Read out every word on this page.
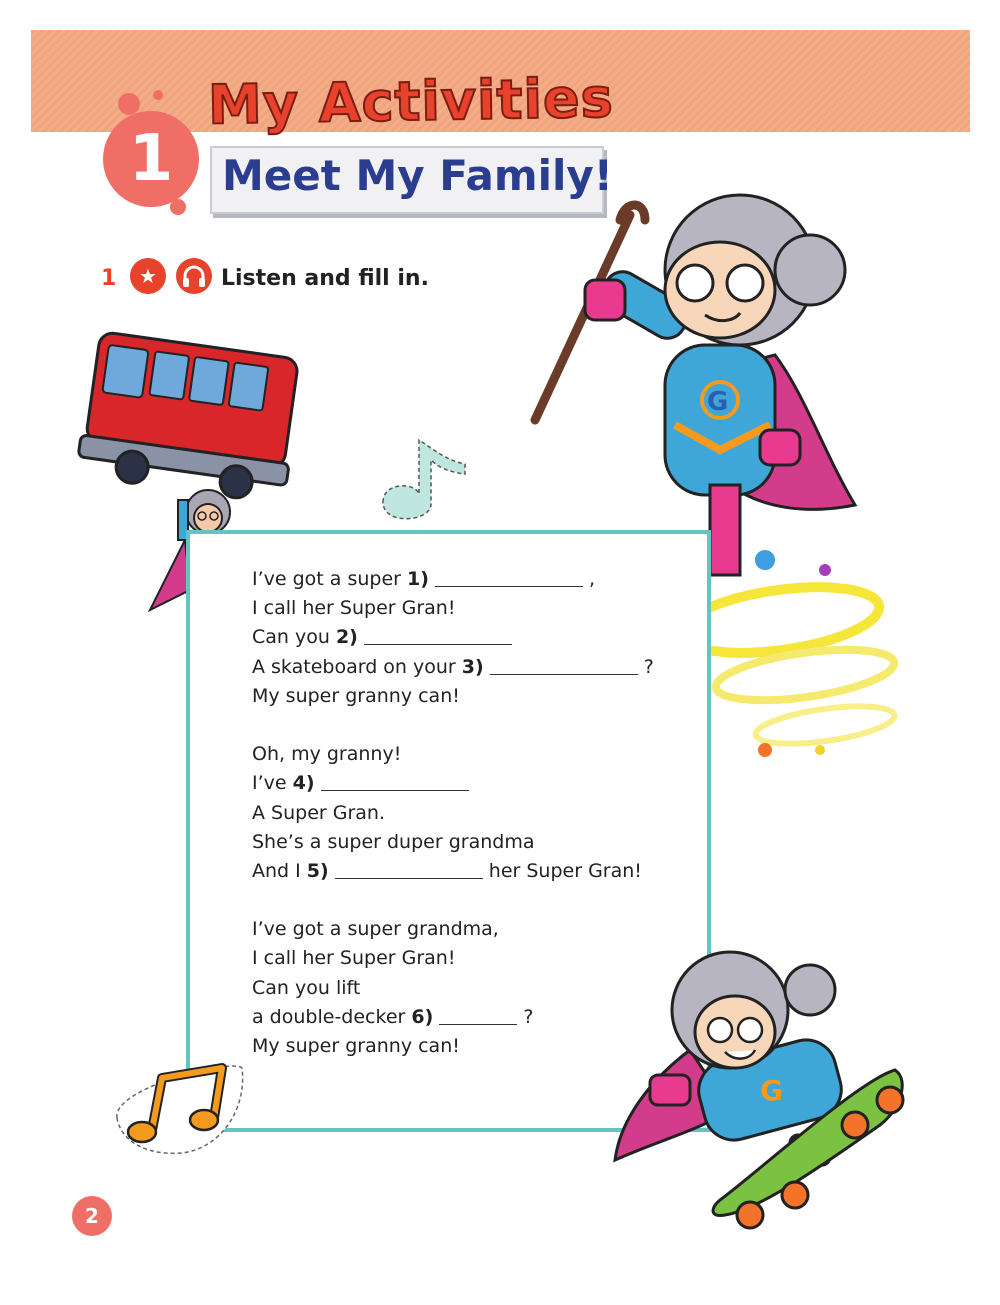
1
My Activities
Meet My Family!
1	★	Listen and fill in.
G
I’ve got a super 1)	,
I call her Super Gran!
Can you 2)
A skateboard on your 3)	?
My super granny can!
Oh, my granny!
I’ve 4)
A Super Gran.
She’s a super duper grandma
And I 5)	her Super Gran!
I’ve got a super grandma,
I call her Super Gran!
Can you lift
a double-decker 6)	?
My super granny can!
G
2
